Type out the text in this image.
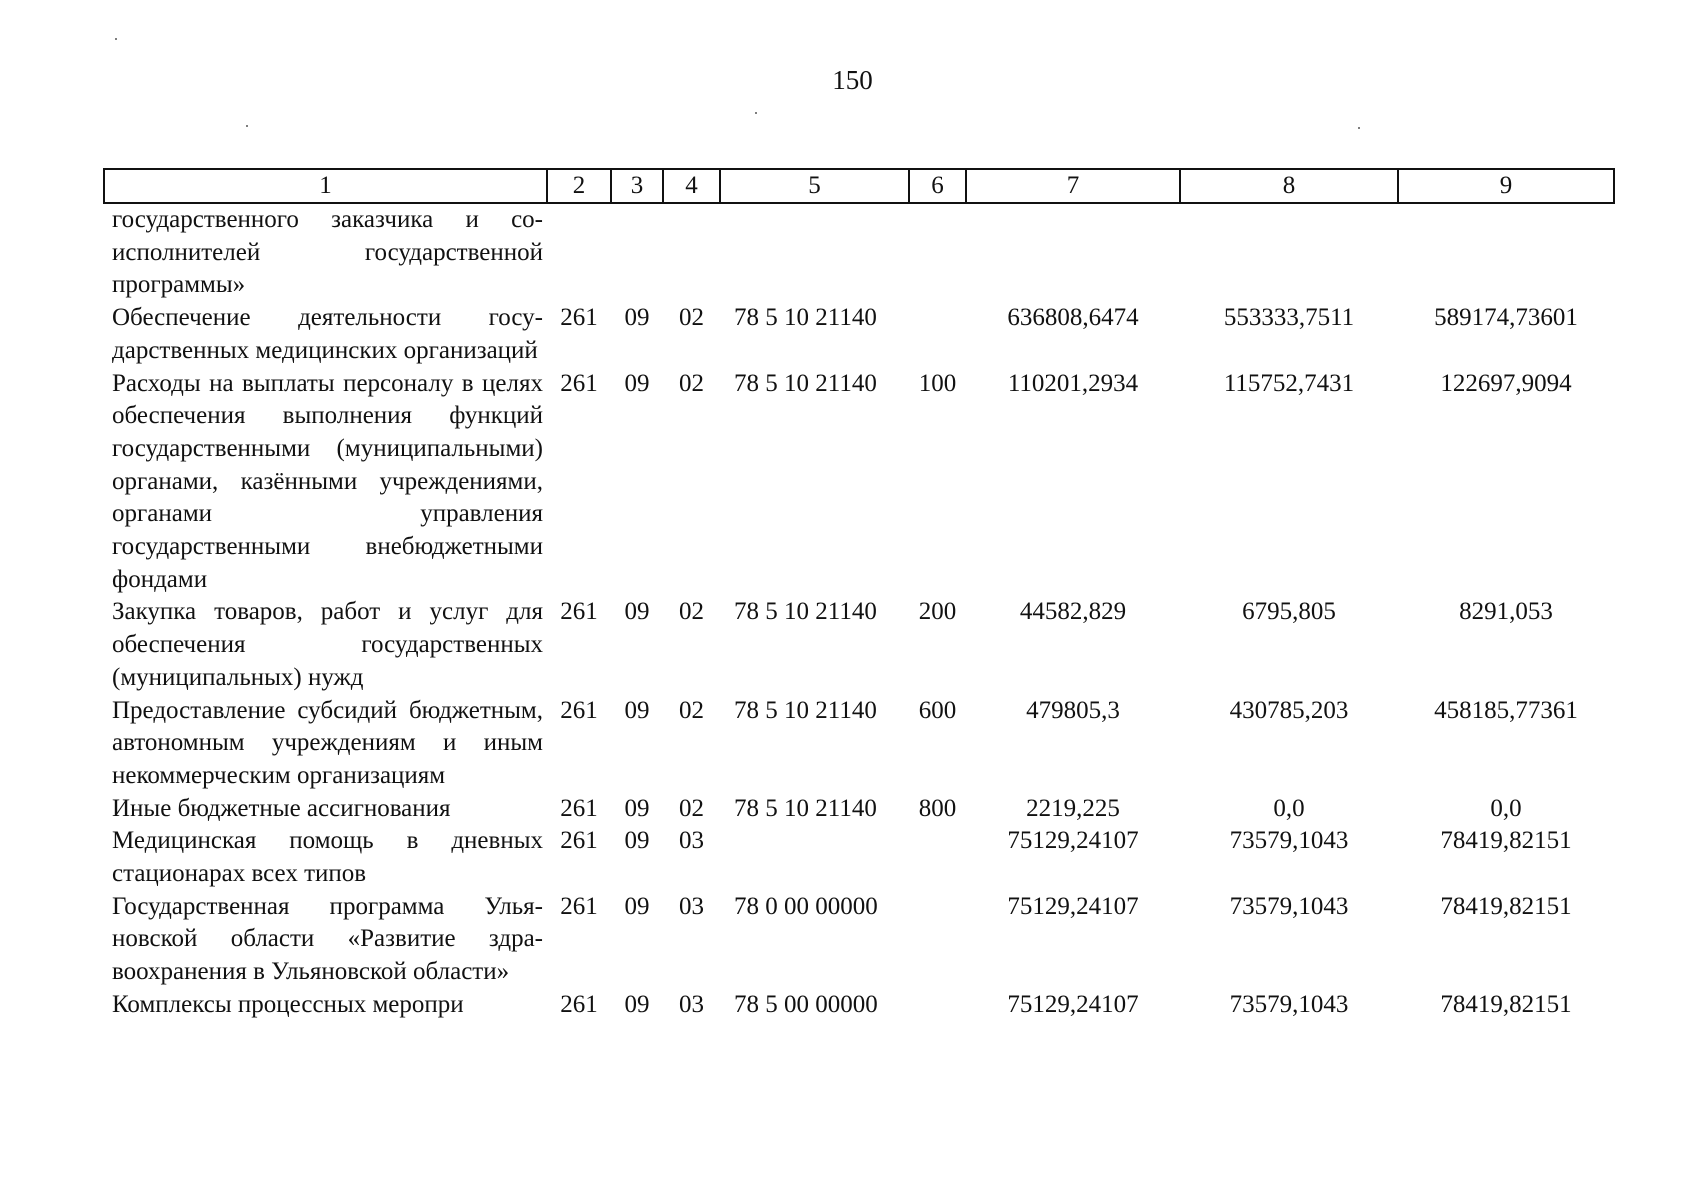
150
1	2	3	4	5	6	7	8	9
государственного заказчика и соисполнителей государственной программы»								
Обеспечение деятельности государственных медицинских организаций	261	09	02	78 5 10 21140		636808,6474	553333,7511	589174,73601
Расходы на выплаты персоналу в целях обеспечения выполнения функций государственными (муниципальными) органами, казёнными учреждениями, органами управления государственными внебюджетными фондами	261	09	02	78 5 10 21140	100	110201,2934	115752,7431	122697,9094
Закупка товаров, работ и услуг для обеспечения государственных (муниципальных) нужд	261	09	02	78 5 10 21140	200	44582,829	6795,805	8291,053
Предоставление субсидий бюджетным, автономным учреждениям и иным некоммерческим организациям	261	09	02	78 5 10 21140	600	479805,3	430785,203	458185,77361
Иные бюджетные ассигнования	261	09	02	78 5 10 21140	800	2219,225	0,0	0,0
Медицинская помощь в дневных стационарах всех типов	261	09	03			75129,24107	73579,1043	78419,82151
Государственная программа Ульяновской области «Развитие здравоохранения в Ульяновской области»	261	09	03	78 0 00 00000		75129,24107	73579,1043	78419,82151
Комплексы процессных меропри	261	09	03	78 5 00 00000		75129,24107	73579,1043	78419,82151
